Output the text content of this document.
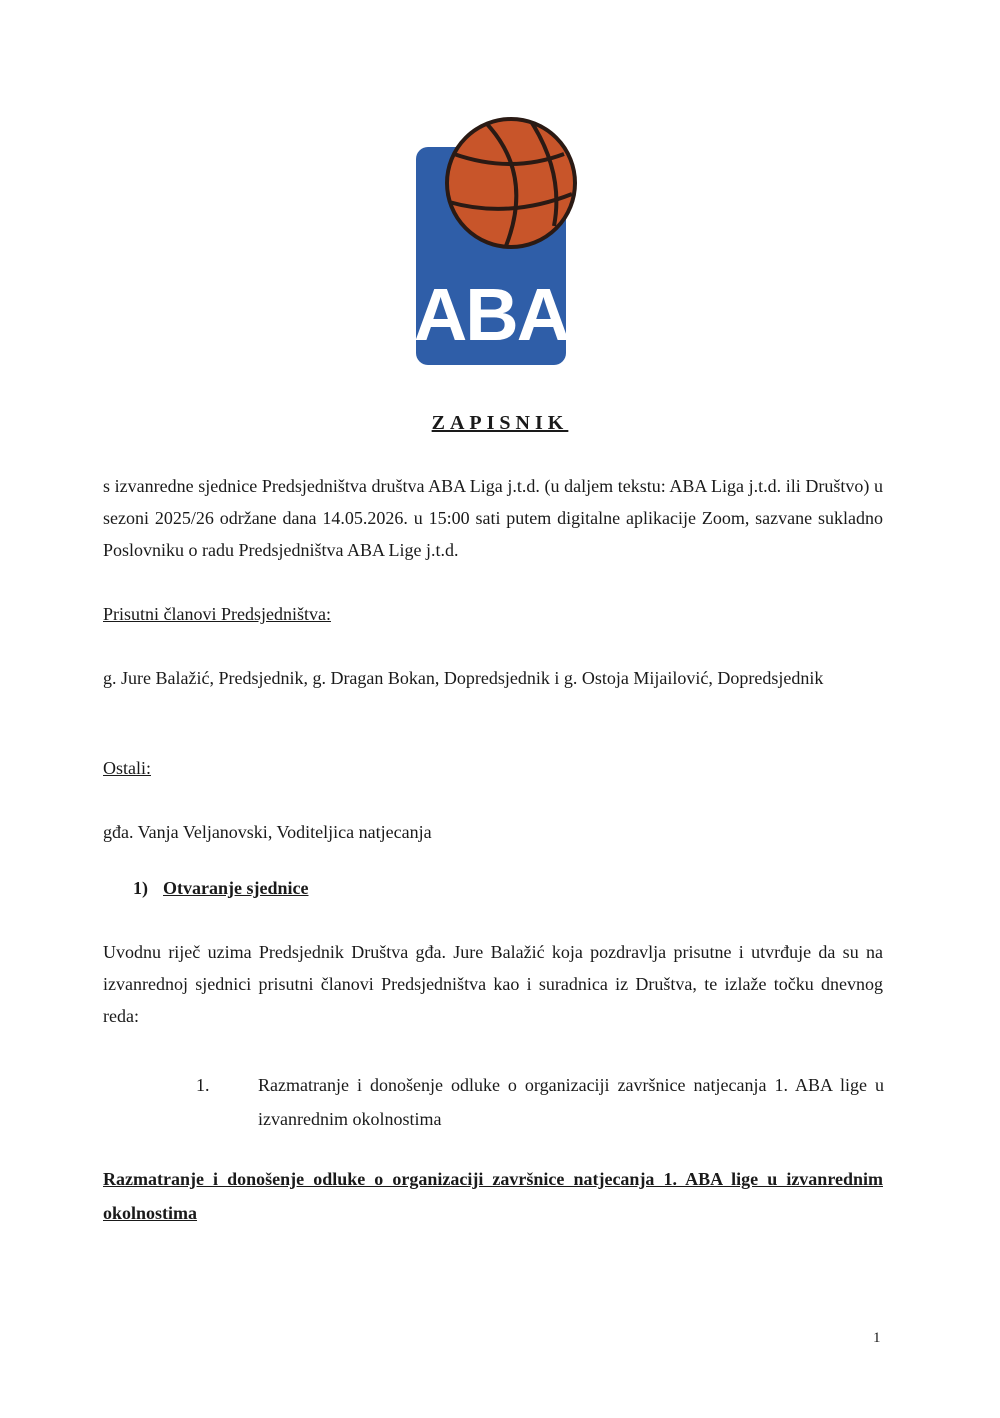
ABA
ZAPISNIK
s izvanredne sjednice Predsjedništva društva ABA Liga j.t.d. (u daljem tekstu: ABA Liga j.t.d. ili Društvo) u sezoni 2025/26 održane dana 14.05.2026. u 15:00 sati putem digitalne aplikacije Zoom, sazvane sukladno Poslovniku o radu Predsjedništva ABA Lige j.t.d.
Prisutni članovi Predsjedništva:
g. Jure Balažić, Predsjednik, g. Dragan Bokan, Dopredsjednik i g. Ostoja Mijailović, Dopredsjednik
Ostali:
gđa. Vanja Veljanovski, Voditeljica natjecanja
1) Otvaranje sjednice
Uvodnu riječ uzima Predsjednik Društva gđa. Jure Balažić koja pozdravlja prisutne i utvrđuje da su na izvanrednoj sjednici prisutni članovi Predsjedništva kao i suradnica iz Društva, te izlaže točku dnevnog reda:
1.	Razmatranje i donošenje odluke o organizaciji završnice natjecanja 1. ABA lige u izvanrednim okolnostima
Razmatranje i donošenje odluke o organizaciji završnice natjecanja 1. ABA lige u izvanrednim okolnostima
1
